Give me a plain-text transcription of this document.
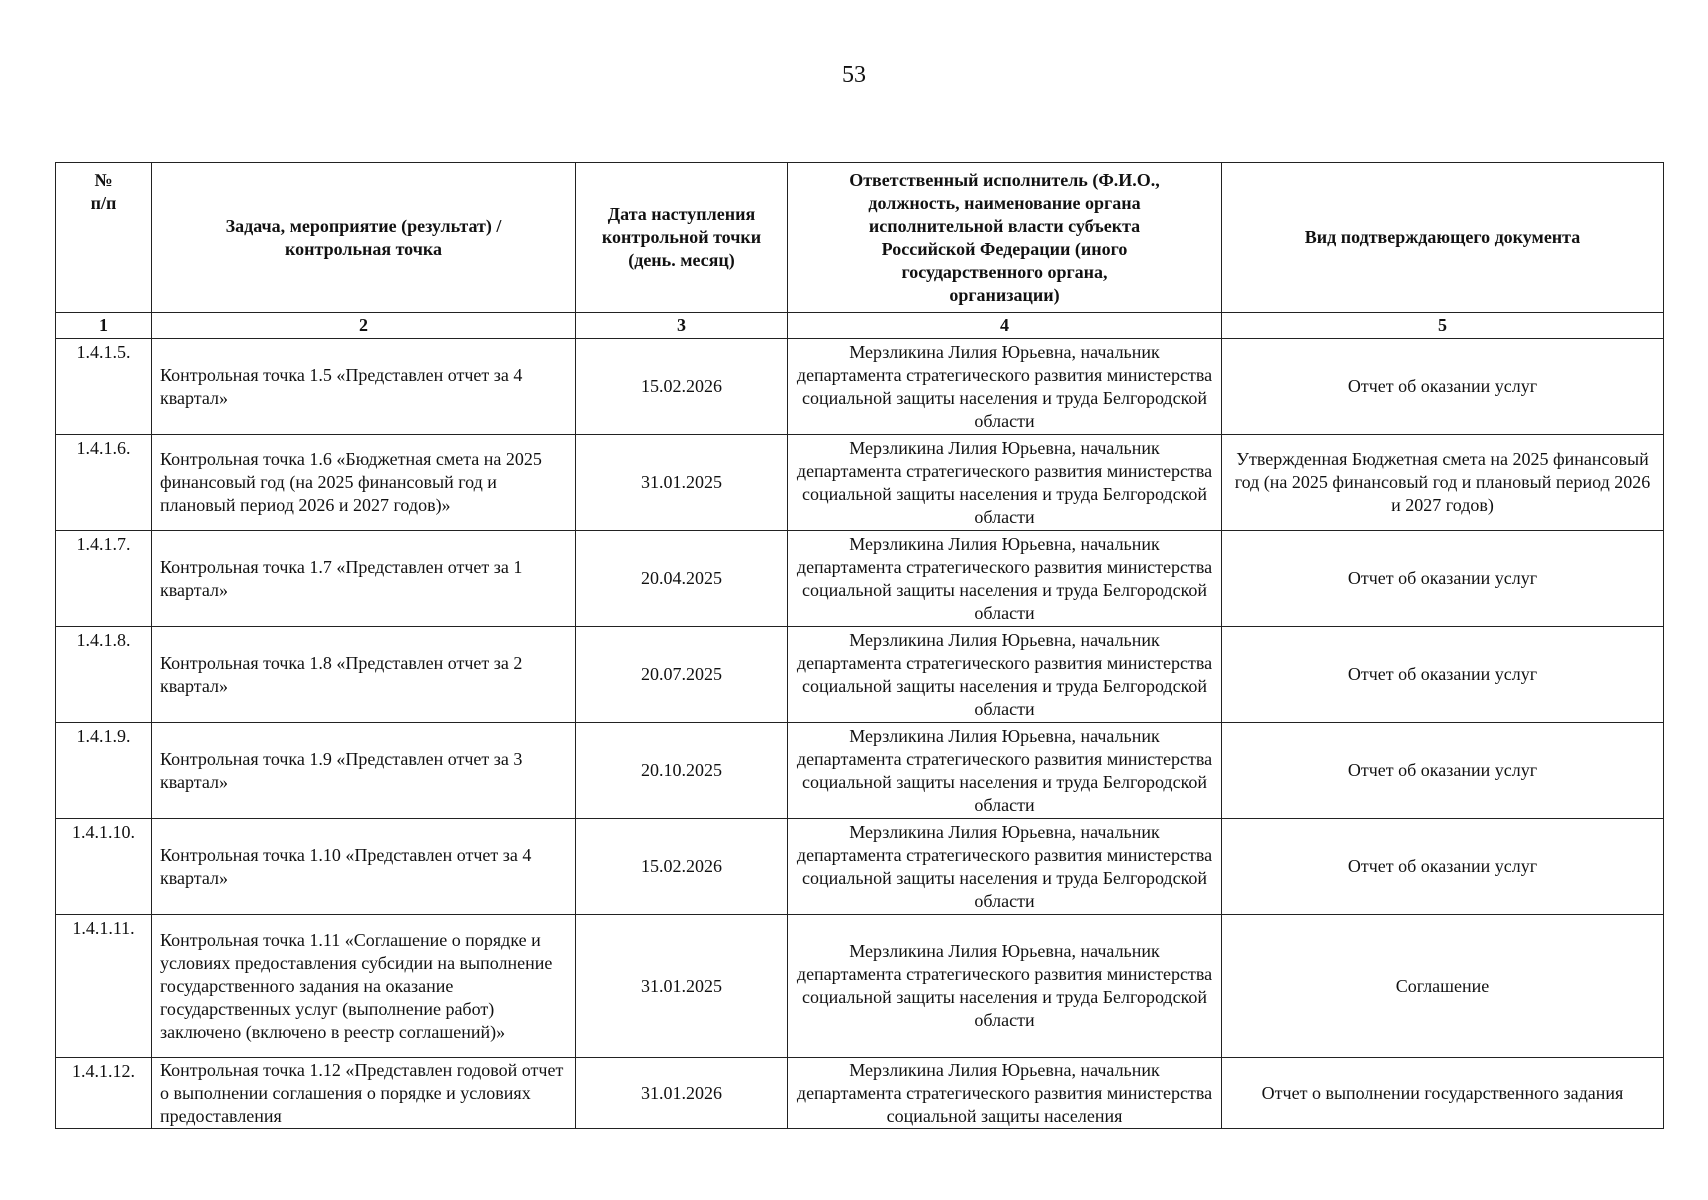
53
№
п/п	Задача, мероприятие (результат) / контрольная точка	Дата наступления контрольной точки (день. месяц)	Ответственный исполнитель (Ф.И.О., должность, наименование органа исполнительной власти субъекта Российской Федерации (иного государственного органа, организации)	Вид подтверждающего документа
1	2	3	4	5
1.4.1.5.	Контрольная точка 1.5 «Представлен отчет за 4 квартал»	15.02.2026	Мерзликина Лилия Юрьевна, начальник департамента стратегического развития министерства социальной защиты населения и труда Белгородской области	Отчет об оказании услуг
1.4.1.6.	Контрольная точка 1.6 «Бюджетная смета на 2025 финансовый год (на 2025 финансовый год и плановый период 2026 и 2027 годов)»	31.01.2025	Мерзликина Лилия Юрьевна, начальник департамента стратегического развития министерства социальной защиты населения и труда Белгородской области	Утвержденная Бюджетная смета на 2025 финансовый год (на 2025 финансовый год и плановый период 2026 и 2027 годов)
1.4.1.7.	Контрольная точка 1.7 «Представлен отчет за 1 квартал»	20.04.2025	Мерзликина Лилия Юрьевна, начальник департамента стратегического развития министерства социальной защиты населения и труда Белгородской области	Отчет об оказании услуг
1.4.1.8.	Контрольная точка 1.8 «Представлен отчет за 2 квартал»	20.07.2025	Мерзликина Лилия Юрьевна, начальник департамента стратегического развития министерства социальной защиты населения и труда Белгородской области	Отчет об оказании услуг
1.4.1.9.	Контрольная точка 1.9 «Представлен отчет за 3 квартал»	20.10.2025	Мерзликина Лилия Юрьевна, начальник департамента стратегического развития министерства социальной защиты населения и труда Белгородской области	Отчет об оказании услуг
1.4.1.10.	Контрольная точка 1.10 «Представлен отчет за 4 квартал»	15.02.2026	Мерзликина Лилия Юрьевна, начальник департамента стратегического развития министерства социальной защиты населения и труда Белгородской области	Отчет об оказании услуг
1.4.1.11.	Контрольная точка 1.11 «Соглашение о порядке и условиях предоставления субсидии на выполнение государственного задания на оказание государственных услуг (выполнение работ) заключено (включено в реестр соглашений)»	31.01.2025	Мерзликина Лилия Юрьевна, начальник департамента стратегического развития министерства социальной защиты населения и труда Белгородской области	Соглашение
1.4.1.12.	Контрольная точка 1.12 «Представлен годовой отчет о выполнении соглашения о порядке и условиях предоставления	31.01.2026	Мерзликина Лилия Юрьевна, начальник департамента стратегического развития министерства социальной защиты населения	Отчет о выполнении государственного задания
